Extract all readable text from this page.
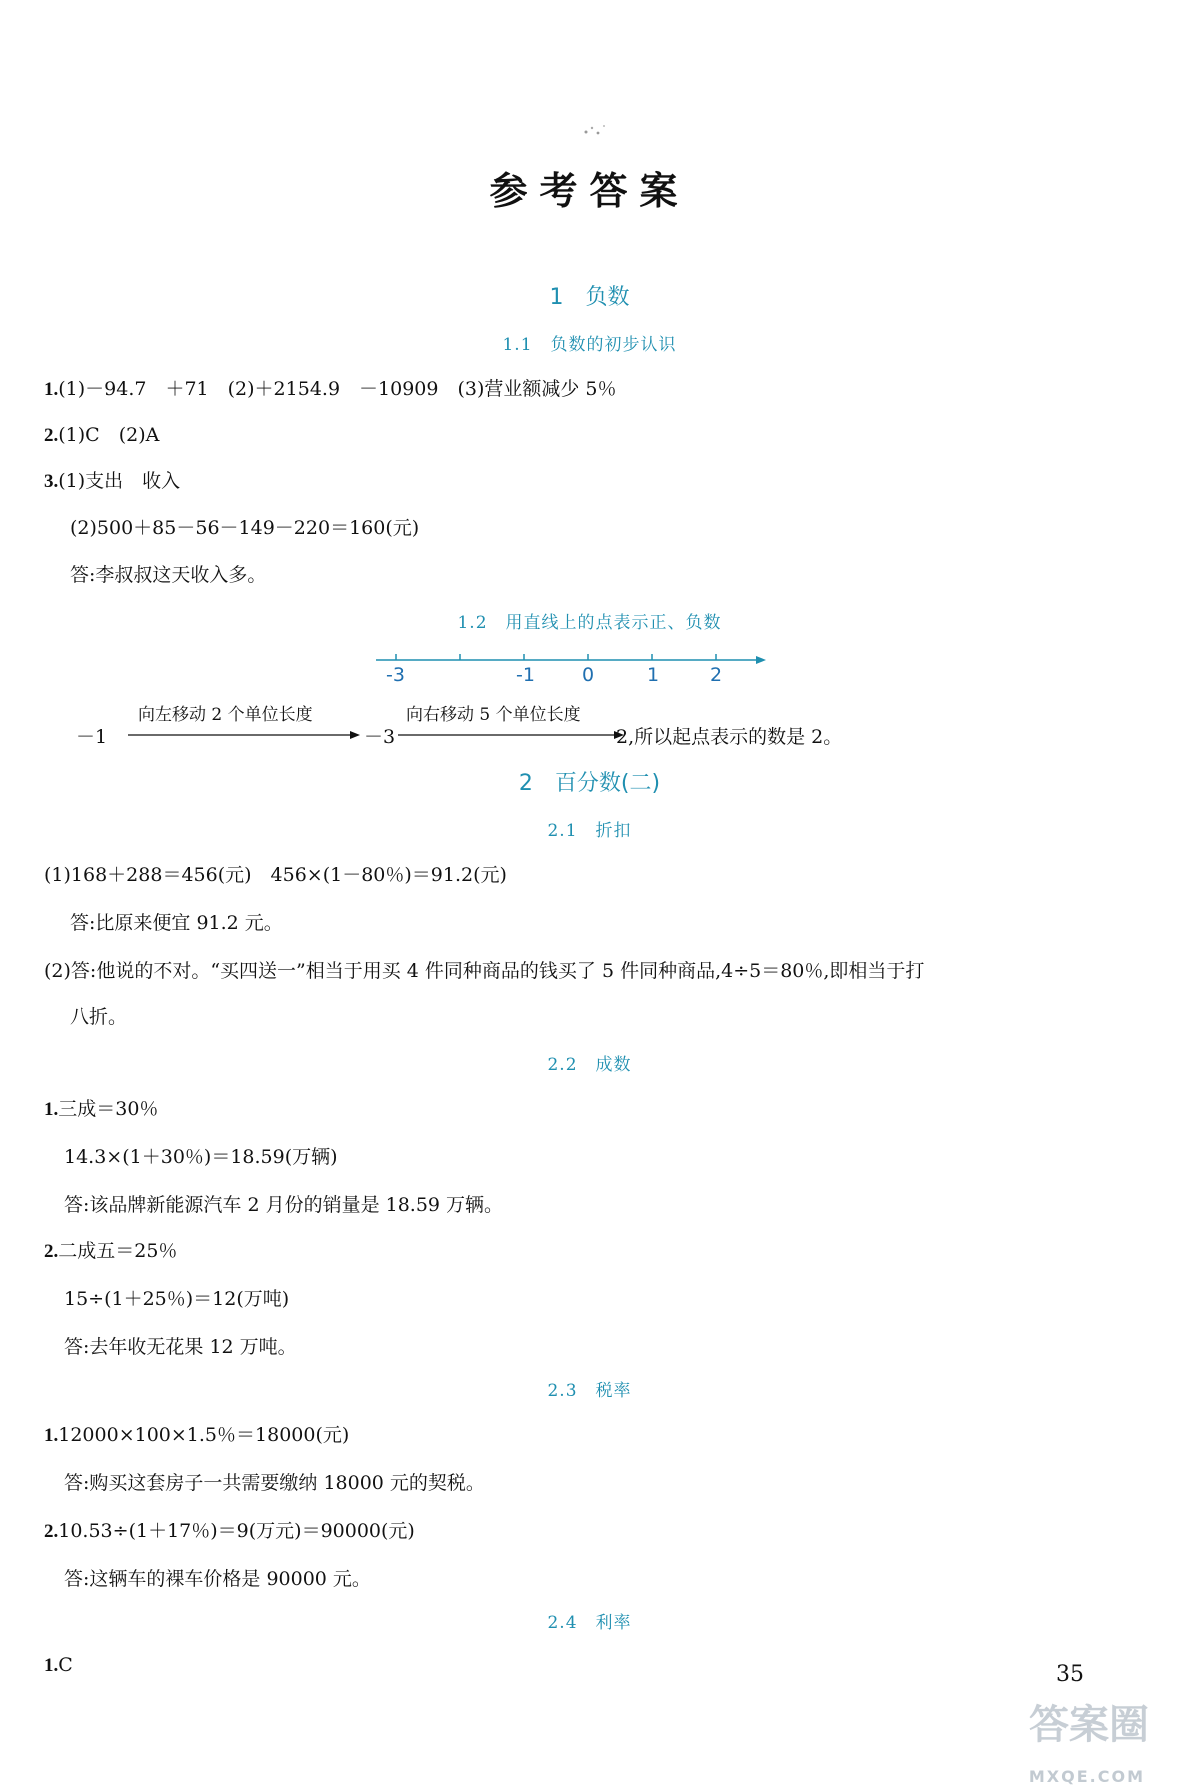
参考答案
1　负数
1.1　负数的初步认识
1.(1)－94.7　＋71　(2)＋2154.9　－10909　(3)营业额减少 5％
2.(1)C　(2)A
3.(1)支出　收入
(2)500＋85－56－149－220＝160(元)
答:李叔叔这天收入多。
1.2　用直线上的点表示正、负数
-3	-1 0	1	2
－1
向左移动 2 个单位长度
－3
向右移动 5 个单位长度
2,所以起点表示的数是 2。
2　百分数(二)
2.1　折扣
(1)168＋288＝456(元)　456×(1－80％)＝91.2(元)
答:比原来便宜 91.2 元。
(2)答:他说的不对。“买四送一”相当于用买 4 件同种商品的钱买了 5 件同种商品,4÷5＝80％,即相当于打
八折。
2.2　成数
1.三成＝30％
14.3×(1＋30％)＝18.59(万辆)
答:该品牌新能源汽车 2 月份的销量是 18.59 万辆。
2.二成五＝25％
15÷(1＋25％)＝12(万吨)
答:去年收无花果 12 万吨。
2.3　税率
1.12000×100×1.5％＝18000(元)
答:购买这套房子一共需要缴纳 18000 元的契税。
2.10.53÷(1＋17％)＝9(万元)＝90000(元)
答:这辆车的裸车价格是 90000 元。
2.4　利率
1.C	35
答案圈
MXQE.COM
